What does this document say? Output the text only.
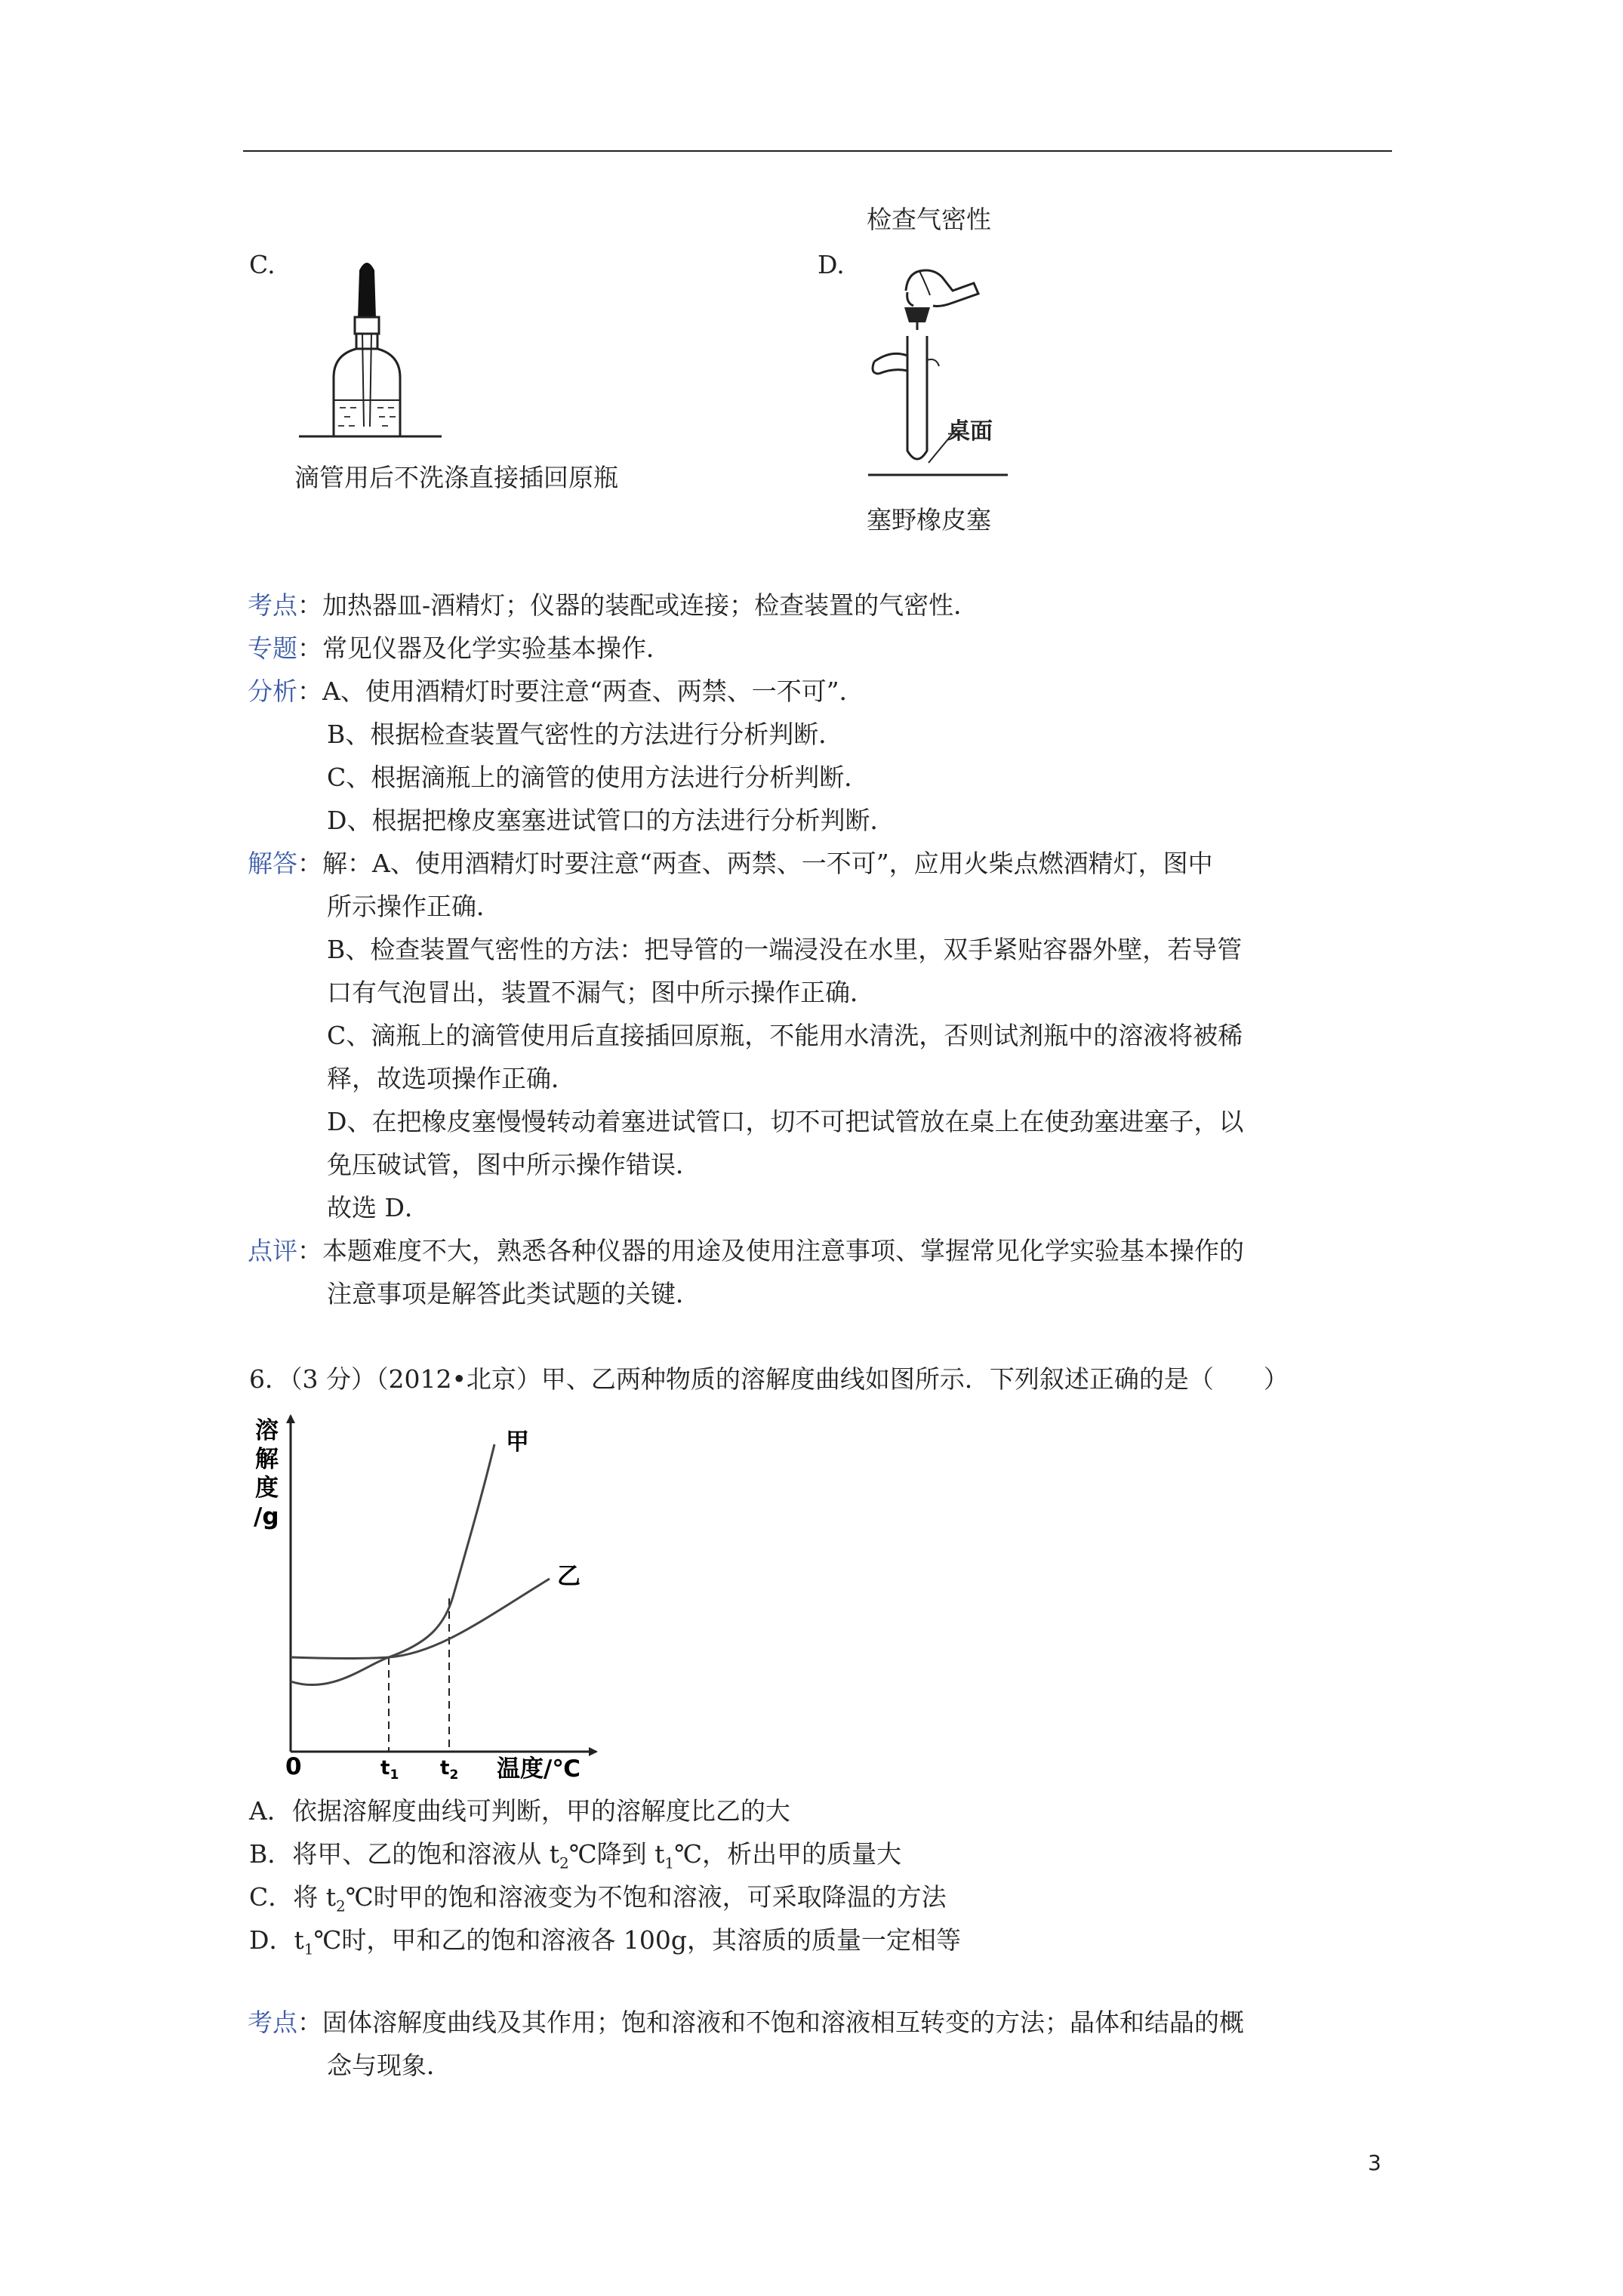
检查气密性
C.	D.
桌面
滴管用后不洗涤直接插回原瓶
塞野橡皮塞
考点：加热器皿-酒精灯；仪器的装配或连接；检查装置的气密性．
专题：常见仪器及化学实验基本操作．
分析：A、使用酒精灯时要注意“两查、两禁、一不可”．
B、根据检查装置气密性的方法进行分析判断．
C、根据滴瓶上的滴管的使用方法进行分析判断．
D、根据把橡皮塞塞进试管口的方法进行分析判断．
解答：解：A、使用酒精灯时要注意“两查、两禁、一不可”，应用火柴点燃酒精灯，图中
所示操作正确．
B、检查装置气密性的方法：把导管的一端浸没在水里，双手紧贴容器外壁，若导管
口有气泡冒出，装置不漏气；图中所示操作正确．
C、滴瓶上的滴管使用后直接插回原瓶，不能用水清洗，否则试剂瓶中的溶液将被稀
释，故选项操作正确．
D、在把橡皮塞慢慢转动着塞进试管口，切不可把试管放在桌上在使劲塞进塞子，以
免压破试管，图中所示操作错误．
故选 D．
点评：本题难度不大，熟悉各种仪器的用途及使用注意事项、掌握常见化学实验基本操作的
注意事项是解答此类试题的关键．
6．（3 分）（2012•北京）甲、乙两种物质的溶解度曲线如图所示．下列叙述正确的是（　　）
溶
解
度
/g
0	$t_1$ $t_2$ 温度/℃
甲
乙
A．依据溶解度曲线可判断，甲的溶解度比乙的大
B．将甲、乙的饱和溶液从 $t_2℃$降到 $t_1℃$，析出甲的质量大
C．将 $t_2℃$时甲的饱和溶液变为不饱和溶液，可采取降温的方法
D．$t_1℃$时，甲和乙的饱和溶液各 100g，其溶质的质量一定相等
考点：固体溶解度曲线及其作用；饱和溶液和不饱和溶液相互转变的方法；晶体和结晶的概
念与现象．
3
